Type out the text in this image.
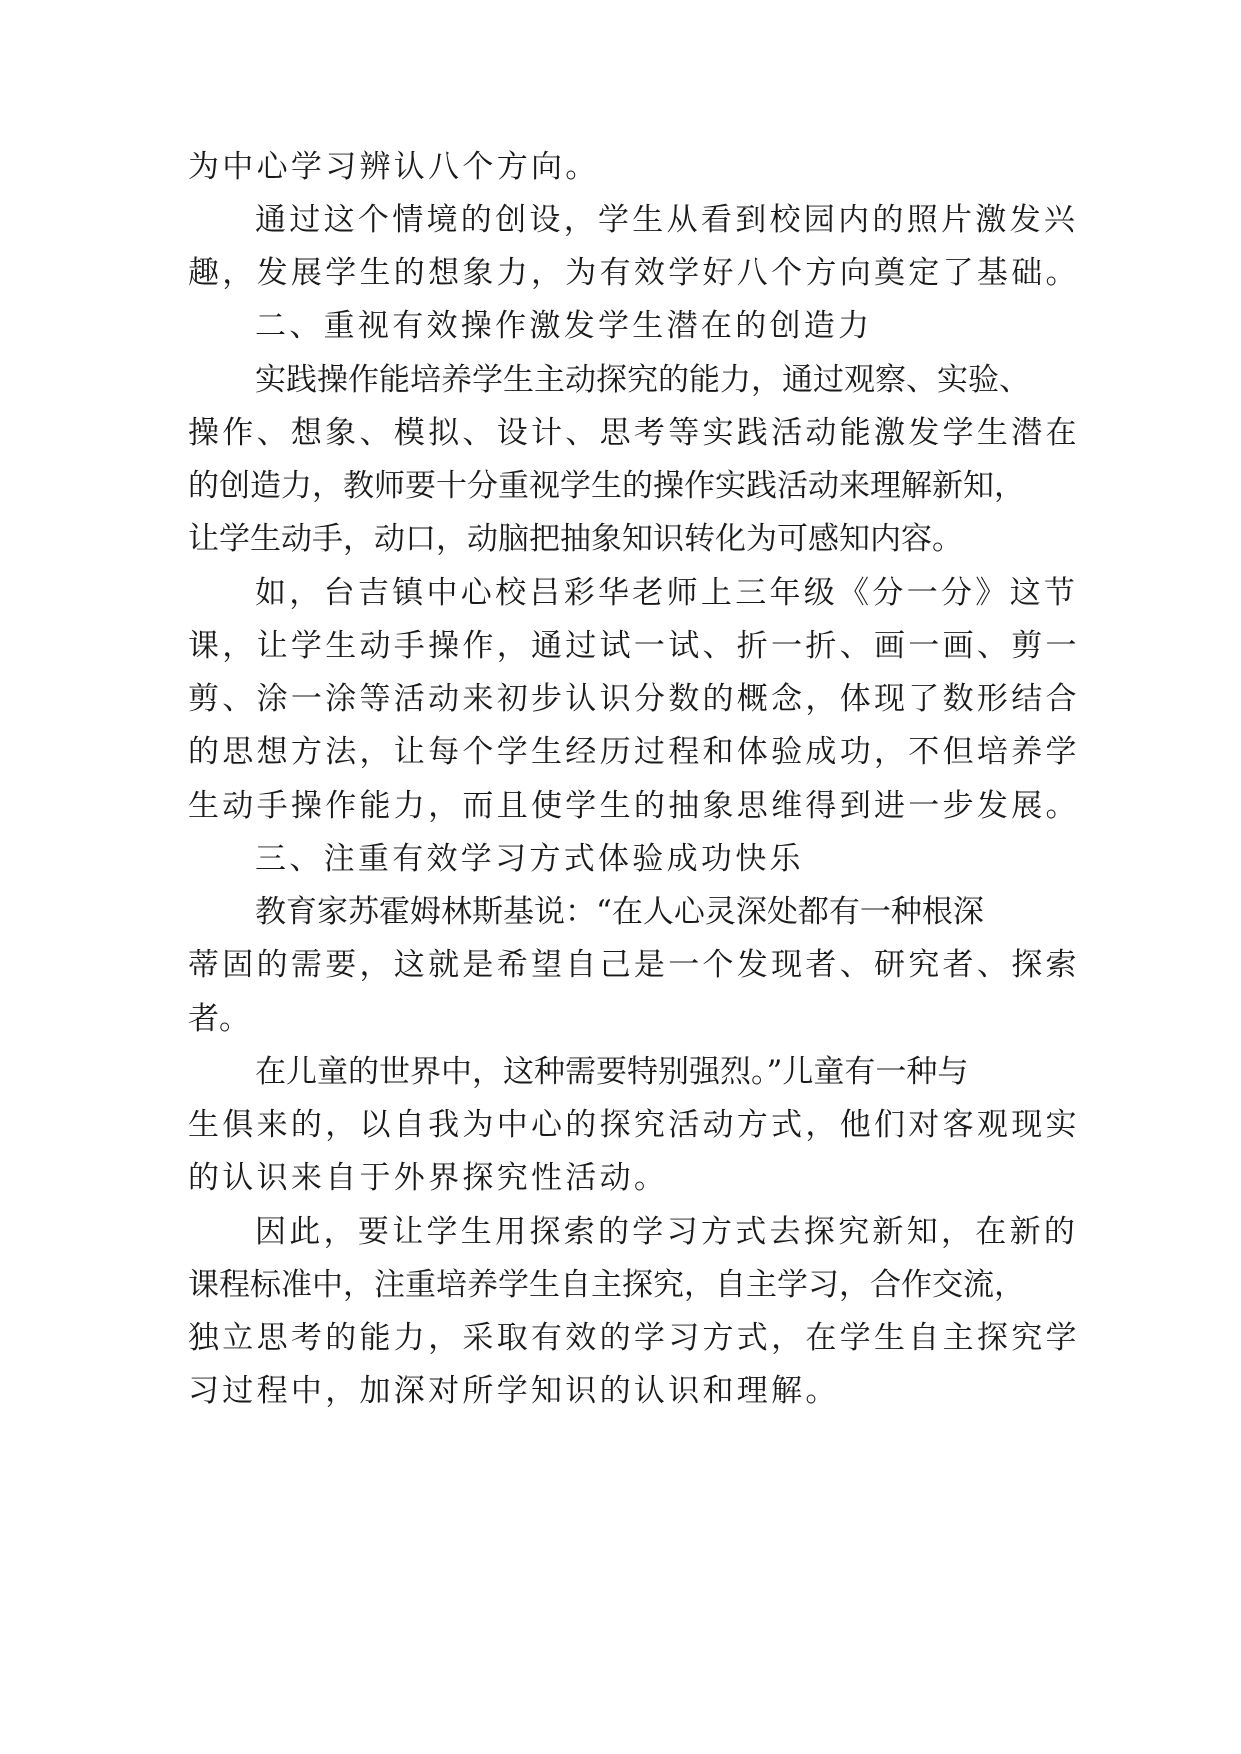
为中心学习辨认八个方向。
通过这个情境的创设，学生从看到校园内的照片激发兴
趣，发展学生的想象力，为有效学好八个方向奠定了基础。
二、重视有效操作激发学生潜在的创造力
实践操作能培养学生主动探究的能力，通过观察、实验、
操作、想象、模拟、设计、思考等实践活动能激发学生潜在
的创造力，教师要十分重视学生的操作实践活动来理解新知，
让学生动手，动口，动脑把抽象知识转化为可感知内容。
如，台吉镇中心校吕彩华老师上三年级《分一分》这节
课，让学生动手操作，通过试一试、折一折、画一画、剪一
剪、涂一涂等活动来初步认识分数的概念，体现了数形结合
的思想方法，让每个学生经历过程和体验成功，不但培养学
生动手操作能力，而且使学生的抽象思维得到进一步发展。
三、注重有效学习方式体验成功快乐
教育家苏霍姆林斯基说：“在人心灵深处都有一种根深
蒂固的需要，这就是希望自己是一个发现者、研究者、探索
者。
在儿童的世界中，这种需要特别强烈。”儿童有一种与
生俱来的，以自我为中心的探究活动方式，他们对客观现实
的认识来自于外界探究性活动。
因此，要让学生用探索的学习方式去探究新知，在新的
课程标准中，注重培养学生自主探究，自主学习，合作交流，
独立思考的能力，采取有效的学习方式，在学生自主探究学
习过程中，加深对所学知识的认识和理解。
